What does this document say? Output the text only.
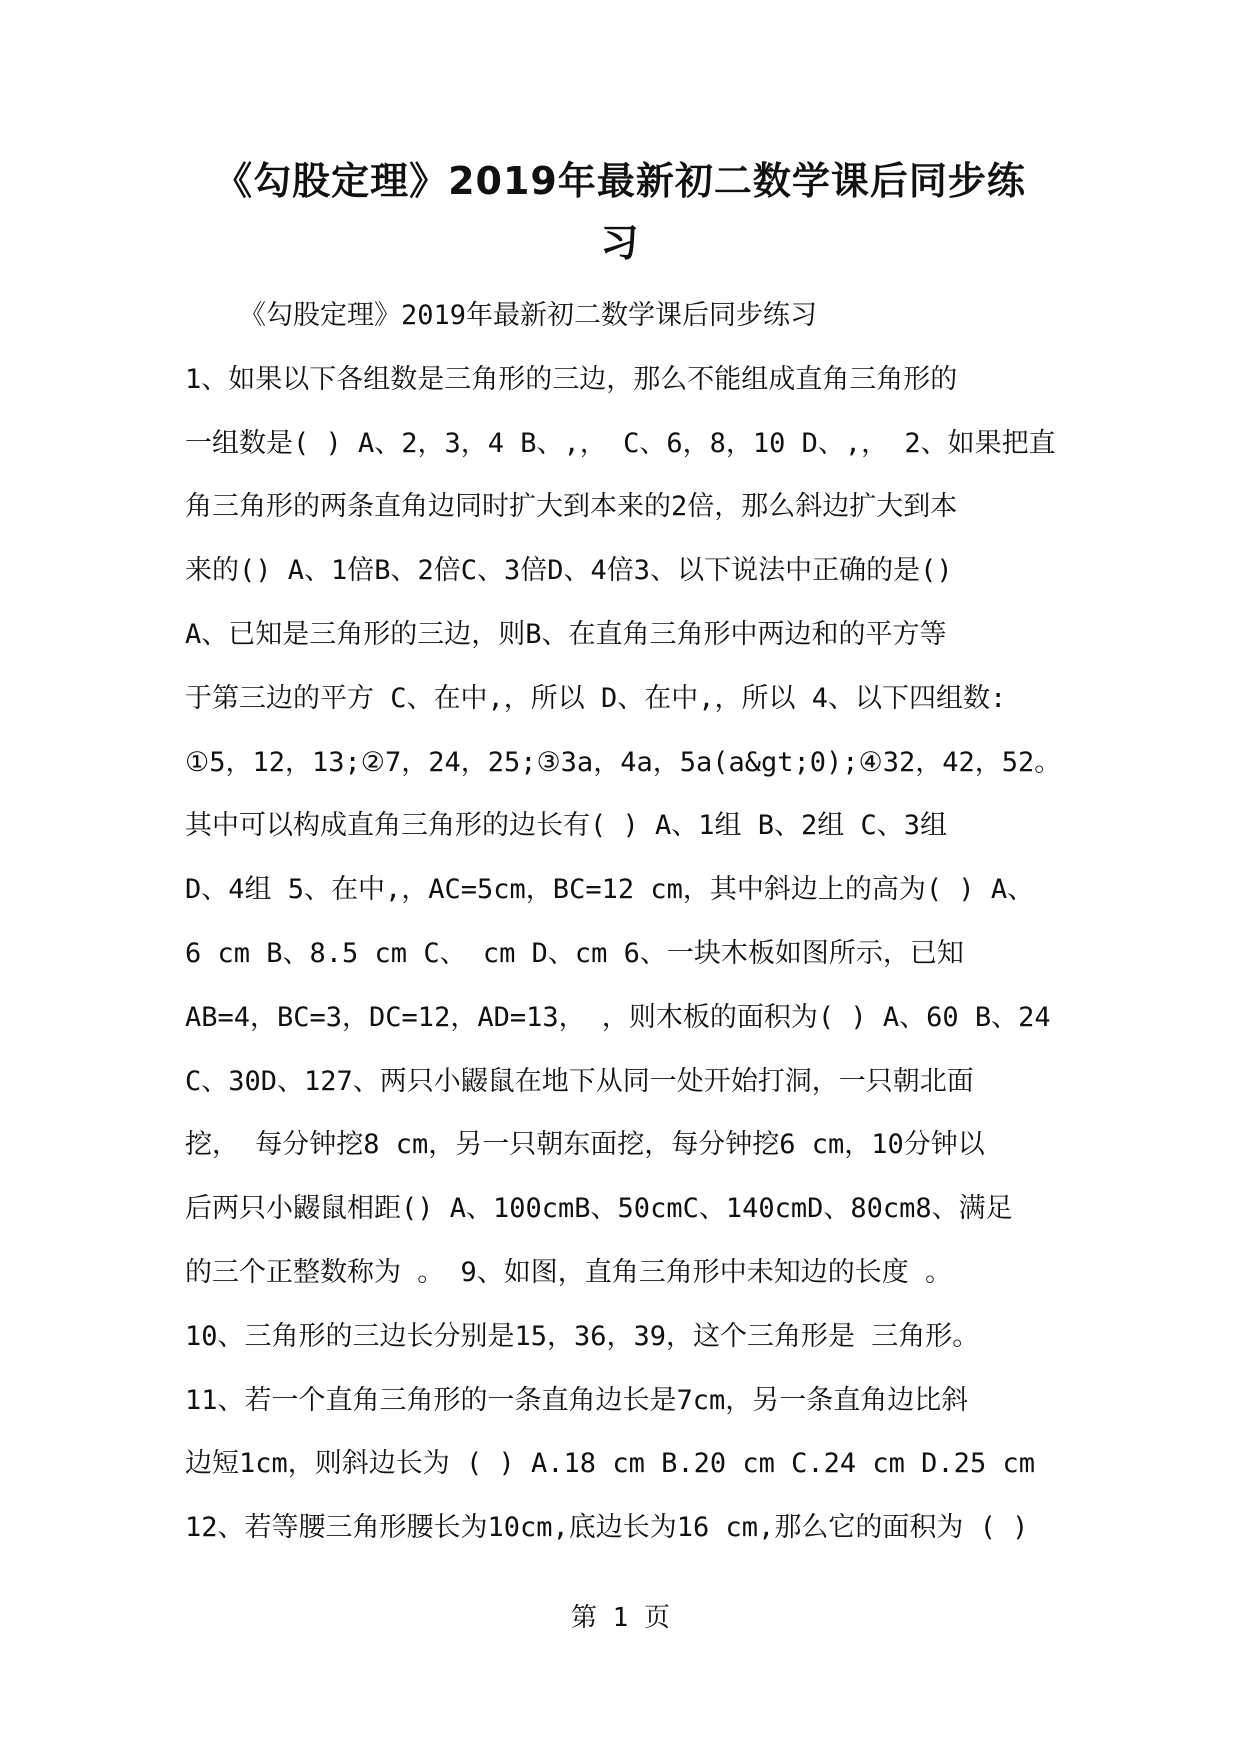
《勾股定理》2019年最新初二数学课后同步练
习
《勾股定理》2019年最新初二数学课后同步练习
1、如果以下各组数是三角形的三边，那么不能组成直角三角形的
一组数是( ) A、2，3，4 B、,， C、6，8，10 D、,， 2、如果把直
角三角形的两条直角边同时扩大到本来的2倍，那么斜边扩大到本
来的() A、1倍B、2倍C、3倍D、4倍3、以下说法中正确的是()
A、已知是三角形的三边，则B、在直角三角形中两边和的平方等
于第三边的平方 C、在中,，所以 D、在中,，所以 4、以下四组数:
①5，12，13;②7，24，25;③3a，4a，5a(a&gt;0);④32，42，52。
其中可以构成直角三角形的边长有( ) A、1组 B、2组 C、3组
D、4组 5、在中,，AC=5cm，BC=12 cm，其中斜边上的高为( ) A、
6 cm B、8.5 cm C、 cm D、cm 6、一块木板如图所示，已知
AB=4，BC=3，DC=12，AD=13， ，则木板的面积为( ) A、60 B、24
C、30D、127、两只小鼹鼠在地下从同一处开始打洞，一只朝北面
挖， 每分钟挖8 cm，另一只朝东面挖，每分钟挖6 cm，10分钟以
后两只小鼹鼠相距() A、100cmB、50cmC、140cmD、80cm8、满足
的三个正整数称为 。 9、如图，直角三角形中未知边的长度 。
10、三角形的三边长分别是15，36，39，这个三角形是 三角形。
11、若一个直角三角形的一条直角边长是7cm，另一条直角边比斜
边短1cm，则斜边长为 ( ) A.18 cm B.20 cm C.24 cm D.25 cm
12、若等腰三角形腰长为10cm,底边长为16 cm,那么它的面积为 ( )
第 1 页
